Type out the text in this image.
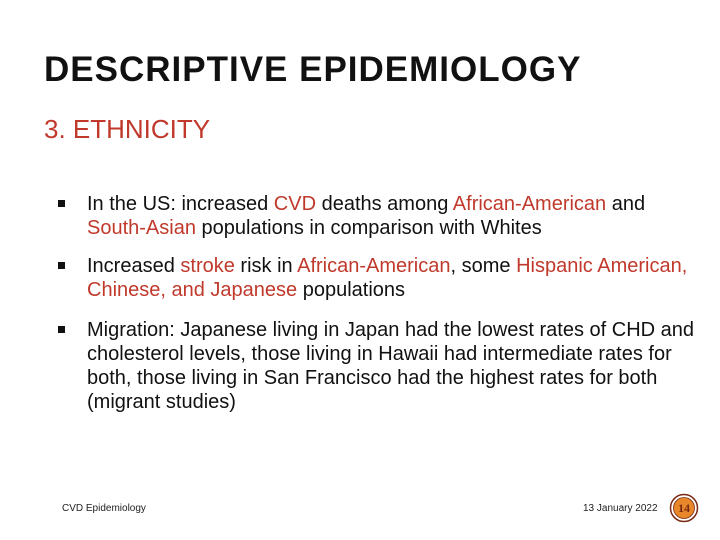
DESCRIPTIVE EPIDEMIOLOGY
3. ETHNICITY
In the US: increased CVD deaths among African-American and South-Asian populations in comparison with Whites
Increased stroke risk in African-American, some Hispanic American, Chinese, and Japanese populations
Migration: Japanese living in Japan had the lowest rates of CHD and cholesterol levels, those living in Hawaii had intermediate rates for both, those living in San Francisco had the highest rates for both (migrant studies)
CVD Epidemiology	13 January 2022	14
